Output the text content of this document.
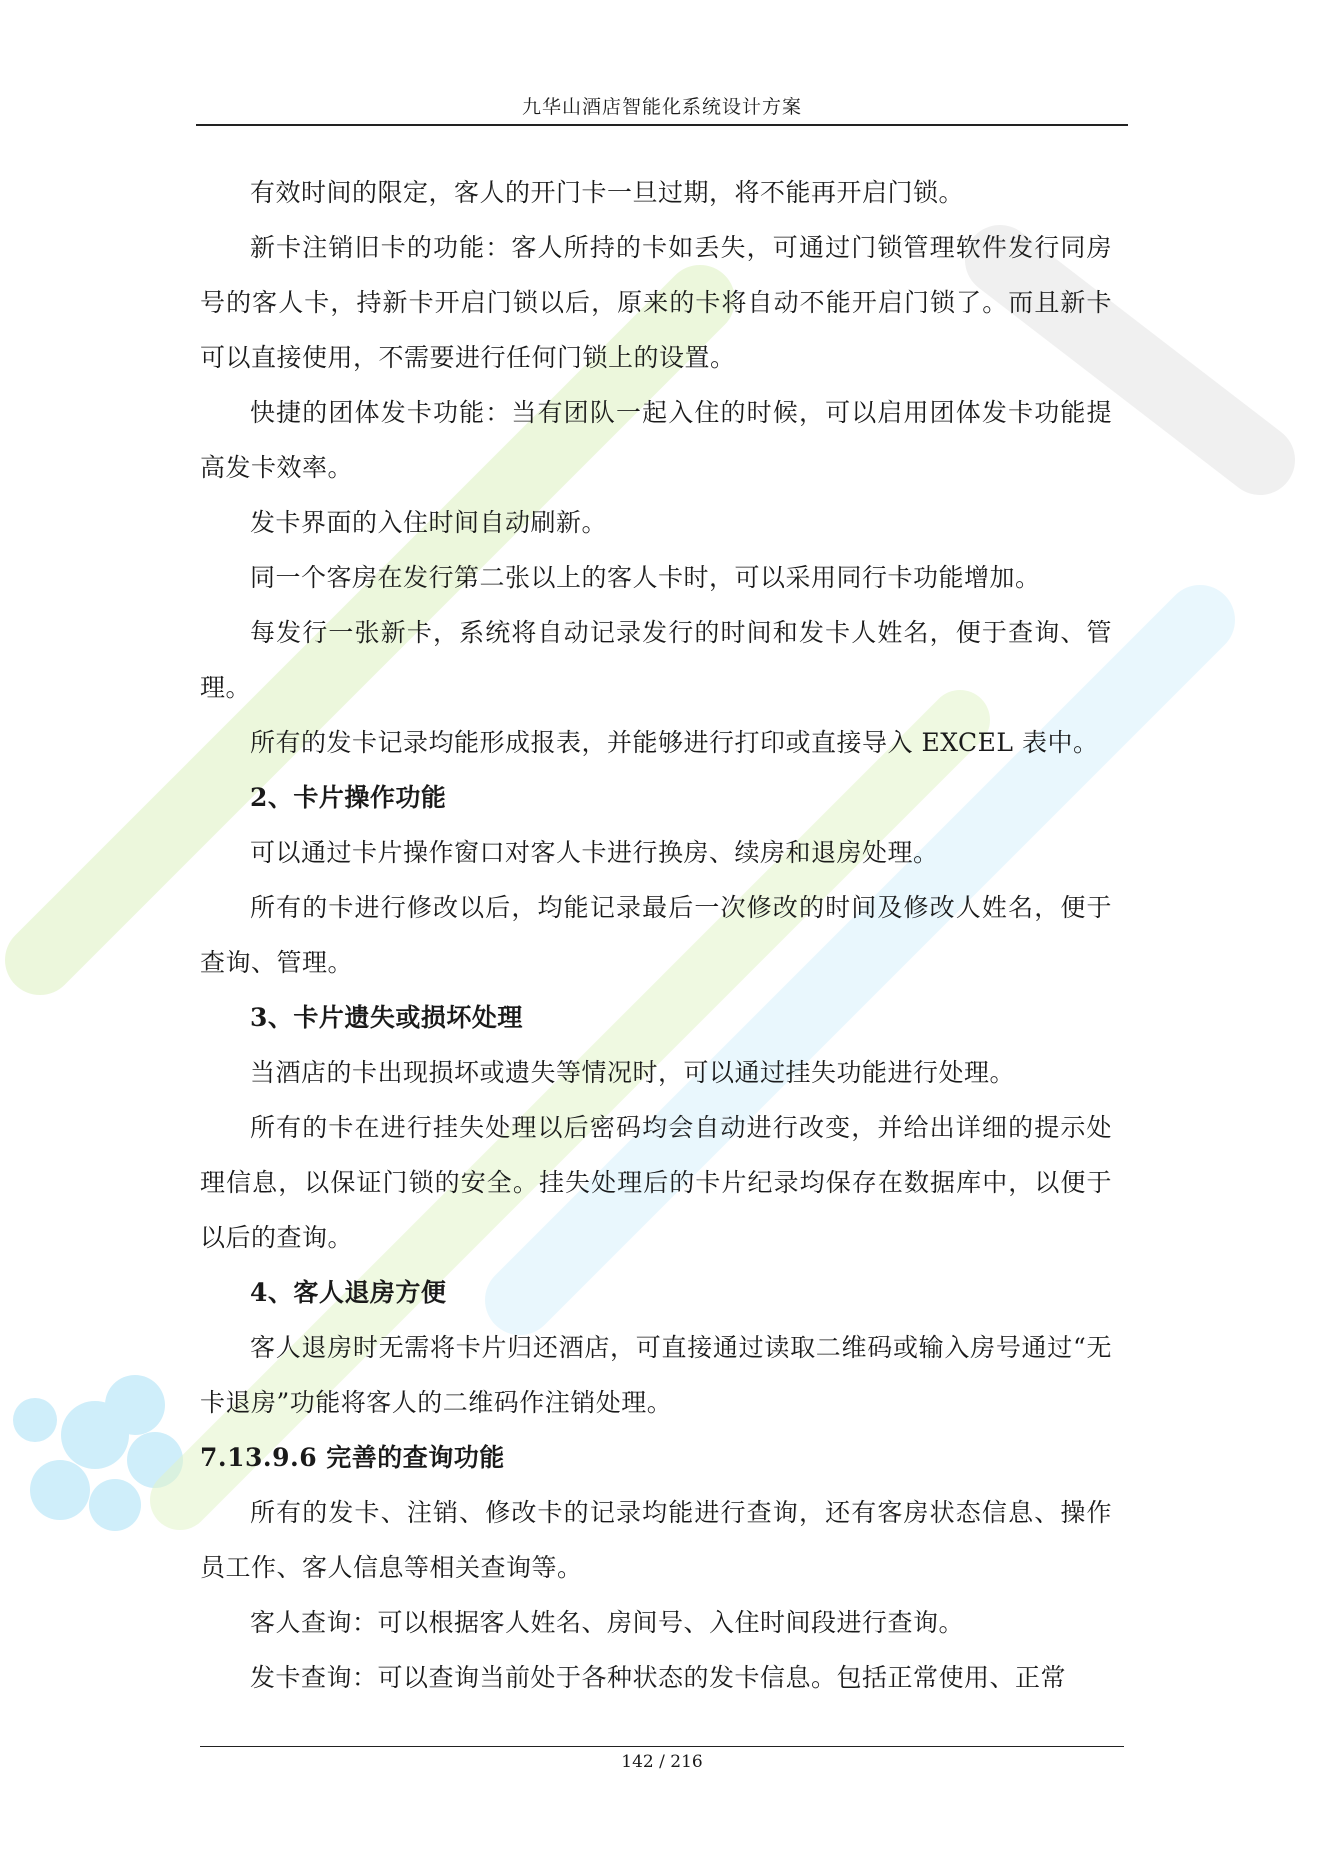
九华山酒店智能化系统设计方案

有效时间的限定，客人的开门卡一旦过期，将不能再开启门锁。

新卡注销旧卡的功能：客人所持的卡如丢失，可通过门锁管理软件发行同房号的客人卡，持新卡开启门锁以后，原来的卡将自动不能开启门锁了。而且新卡可以直接使用，不需要进行任何门锁上的设置。

快捷的团体发卡功能：当有团队一起入住的时候，可以启用团体发卡功能提高发卡效率。

发卡界面的入住时间自动刷新。

同一个客房在发行第二张以上的客人卡时，可以采用同行卡功能增加。

每发行一张新卡，系统将自动记录发行的时间和发卡人姓名，便于查询、管理。

所有的发卡记录均能形成报表，并能够进行打印或直接导入 EXCEL 表中。

2、卡片操作功能

可以通过卡片操作窗口对客人卡进行换房、续房和退房处理。

所有的卡进行修改以后，均能记录最后一次修改的时间及修改人姓名，便于查询、管理。

3、卡片遗失或损坏处理

当酒店的卡出现损坏或遗失等情况时，可以通过挂失功能进行处理。

所有的卡在进行挂失处理以后密码均会自动进行改变，并给出详细的提示处理信息，以保证门锁的安全。挂失处理后的卡片纪录均保存在数据库中，以便于以后的查询。

4、客人退房方便

客人退房时无需将卡片归还酒店，可直接通过读取二维码或输入房号通过“无卡退房”功能将客人的二维码作注销处理。

7.13.9.6 完善的查询功能

所有的发卡、注销、修改卡的记录均能进行查询，还有客房状态信息、操作员工作、客人信息等相关查询等。

客人查询：可以根据客人姓名、房间号、入住时间段进行查询。

发卡查询：可以查询当前处于各种状态的发卡信息。包括正常使用、正常

142 / 216
